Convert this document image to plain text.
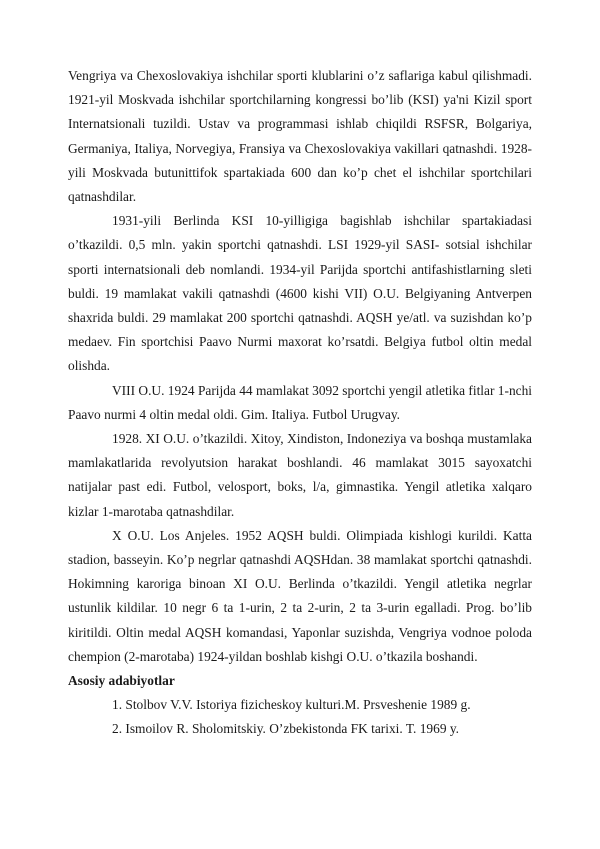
Vengriya va Chexoslovakiya ishchilar sporti klublarini o’z saflariga kabul qilishmadi. 1921-yil Moskvada ishchilar sportchilarning kongressi bo’lib (KSI) ya'ni Kizil sport Internatsionali tuzildi. Ustav va programmasi ishlab chiqildi RSFSR, Bolgariya, Germaniya, Italiya, Norvegiya, Fransiya va Chexoslovakiya vakillari qatnashdi. 1928-yili Moskvada butunittifok spartakiada 600 dan ko’p chet el ishchilar sportchilari qatnashdilar.

1931-yili Berlinda KSI 10-yilligiga bagishlab ishchilar spartakiadasi o’tkazildi. 0,5 mln. yakin sportchi qatnashdi. LSI 1929-yil SASI- sotsial ishchilar sporti internatsionali deb nomlandi. 1934-yil Parijda sportchi antifashistlarning sleti buldi. 19 mamlakat vakili qatnashdi (4600 kishi VII) O.U. Belgiyaning Antverpen shaxrida buldi. 29 mamlakat 200 sportchi qatnashdi. AQSH ye/atl. va suzishdan ko’p medaev. Fin sportchisi Paavo Nurmi maxorat ko’rsatdi. Belgiya futbol oltin medal olishda.

VIII O.U. 1924 Parijda 44 mamlakat 3092 sportchi yengil atletika fitlar 1-nchi Paavo nurmi 4 oltin medal oldi. Gim. Italiya. Futbol Urugvay.

1928. XI O.U. o’tkazildi. Xitoy, Xindiston, Indoneziya va boshqa mustamlaka mamlakatlarida revolyutsion harakat boshlandi. 46 mamlakat 3015 sayoxatchi natijalar past edi. Futbol, velosport, boks, l/a, gimnastika. Yengil atletika xalqaro kizlar 1-marotaba qatnashdilar.

X O.U. Los Anjeles. 1952 AQSH buldi. Olimpiada kishlogi kurildi. Katta stadion, basseyin. Ko’p negrlar qatnashdi AQSHdan. 38 mamlakat sportchi qatnashdi. Hokimning karoriga binoan XI O.U. Berlinda o’tkazildi. Yengil atletika negrlar ustunlik kildilar. 10 negr 6 ta 1-urin, 2 ta 2-urin, 2 ta 3-urin egalladi. Prog. bo’lib kiritildi. Oltin medal AQSH komandasi, Yaponlar suzishda, Vengriya vodnoe poloda chempion (2-marotaba) 1924-yildan boshlab kishgi O.U. o’tkazila boshandi.

Asosiy adabiyotlar

1. Stolbov V.V. Istoriya fizicheskoy kulturi.M. Prsveshenie 1989 g.

2. Ismoilov R. Sholomitskiy. O’zbekistonda FK tarixi. T. 1969 y.
